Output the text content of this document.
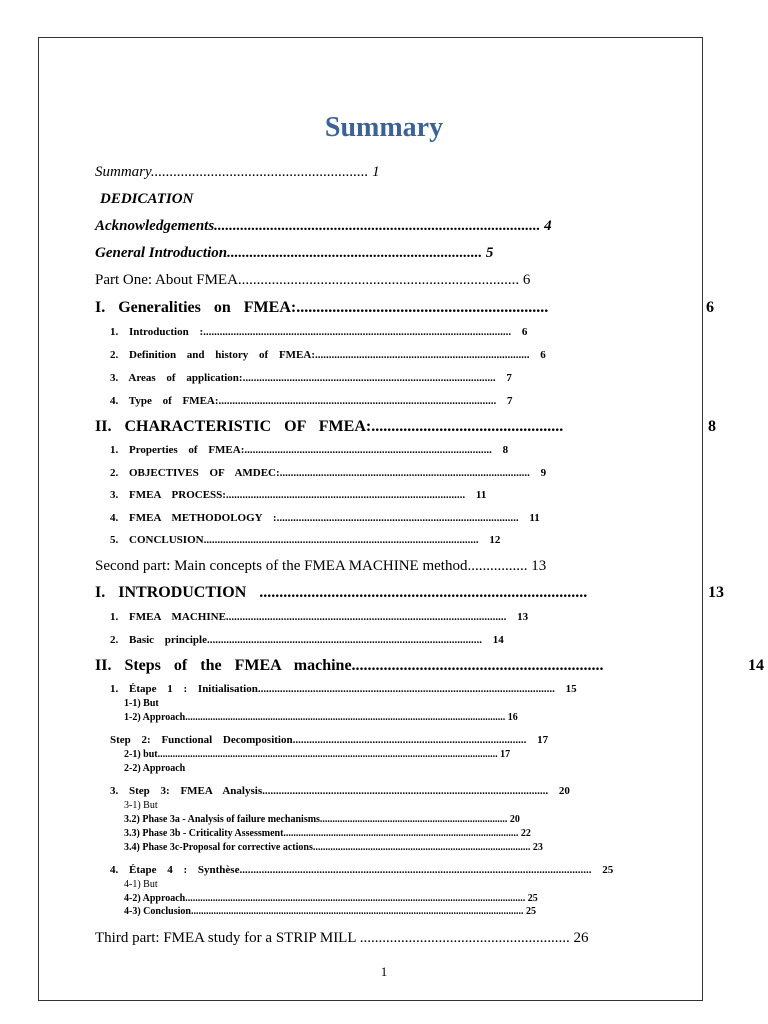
Summary
Summary.......................................................... 1
DEDICATION
Acknowledgements....................................................................................... 4
General Introduction.................................................................... 5
Part One: About FMEA........................................................................... 6
I. Generalities on FMEA:...............................................................	6
1. Introduction :................................................................................................................ 6
2. Definition and history of FMEA:.............................................................................. 6
3. Areas of application:............................................................................................ 7
4. Type of FMEA:..................................................................................................... 7
II. CHARACTERISTIC OF FMEA:................................................	8
1. Properties of FMEA:.......................................................................................... 8
2. OBJECTIVES OF AMDEC:........................................................................................... 9
3. FMEA PROCESS:....................................................................................... 11
4. FMEA METHODOLOGY :........................................................................................ 11
5. CONCLUSION.................................................................................................... 12
Second part: Main concepts of the FMEA MACHINE method................ 13
I. INTRODUCTION ..................................................................................	13
1. FMEA MACHINE...................................................................................................... 13
2. Basic principle.................................................................................................... 14
II. Steps of the FMEA machine...............................................................	14
1. Étape 1 : Initialisation............................................................................................................ 15
1-1) But
1-2) Approach................................................................................................................................ 16
Step 2: Functional Decomposition..................................................................................... 17
2-1) but........................................................................................................................................ 17
2-2) Approach
3. Step 3: FMEA Analysis........................................................................................................ 20
3-1) But
3.2) Phase 3a - Analysis of failure mechanisms........................................................................... 20
3.3) Phase 3b - Criticality Assessment.............................................................................................. 22
3.4) Phase 3c-Proposal for corrective actions....................................................................................... 23
4. Étape 4 : Synthèse................................................................................................................................ 25
4-1) But
4-2) Approach........................................................................................................................................ 25
4-3) Conclusion..................................................................................................................................... 25
Third part: FMEA study for a STRIP MILL ........................................................ 26
1
